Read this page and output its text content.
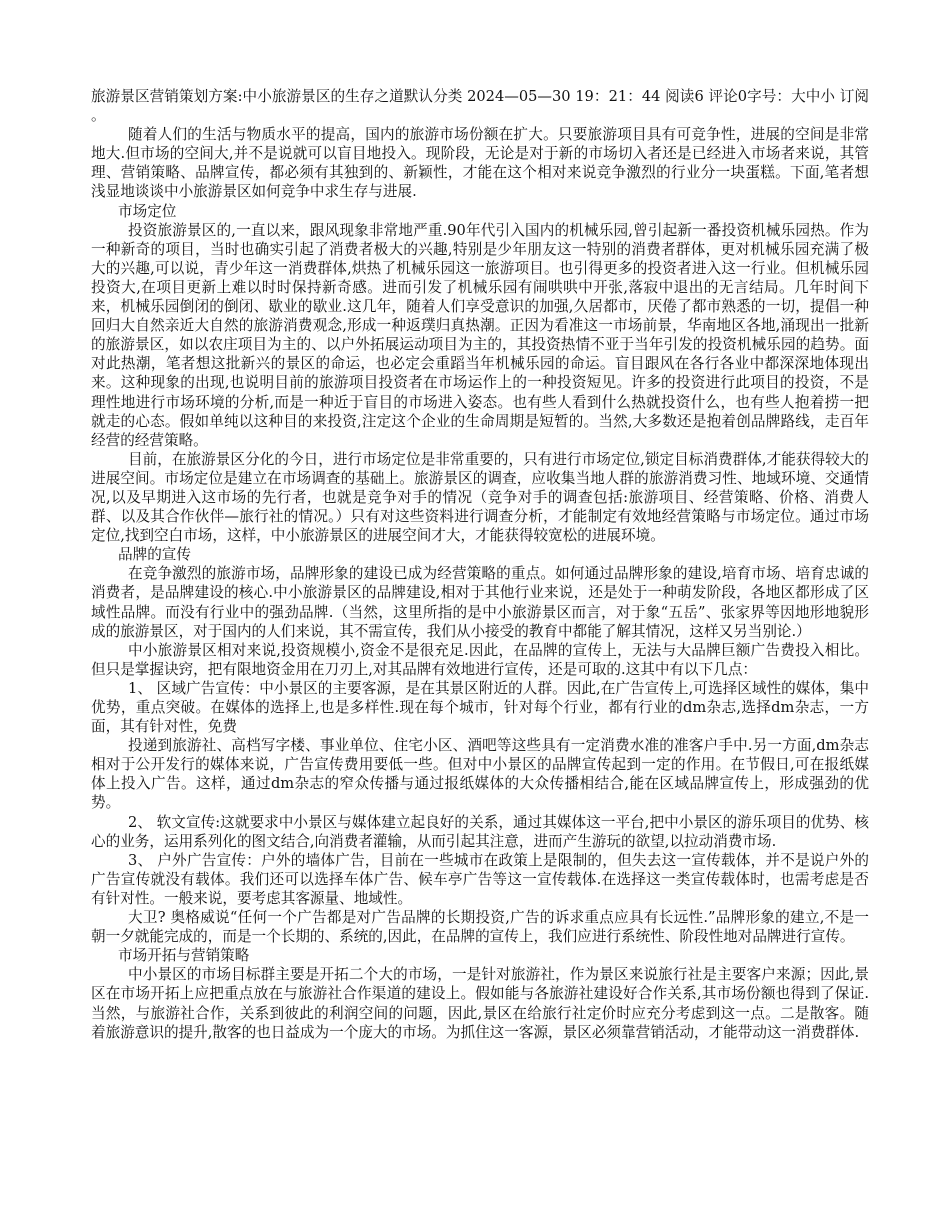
旅游景区营销策划方案:中小旅游景区的生存之道默认分类 2024—05—30 19：21：44 阅读6 评论0字号：大中小 订阅 。

随着人们的生活与物质水平的提高，国内的旅游市场份额在扩大。只要旅游项目具有可竞争性，进展的空间是非常地大.但市场的空间大,并不是说就可以盲目地投入。现阶段，无论是对于新的市场切入者还是已经进入市场者来说，其管理、营销策略、品牌宣传，都必须有其独到的、新颖性，才能在这个相对来说竞争激烈的行业分一块蛋糕。下面,笔者想浅显地谈谈中小旅游景区如何竞争中求生存与进展.

市场定位

投资旅游景区的,一直以来，跟风现象非常地严重.90年代引入国内的机械乐园,曾引起新一番投资机械乐园热。作为一种新奇的项目，当时也确实引起了消费者极大的兴趣,特别是少年朋友这一特别的消费者群体，更对机械乐园充满了极大的兴趣,可以说，青少年这一消费群体,烘热了机械乐园这一旅游项目。也引得更多的投资者进入这一行业。但机械乐园投资大,在项目更新上难以时时保持新奇感。进而引发了机械乐园有闹哄哄中开张,落寂中退出的无言结局。几年时间下来，机械乐园倒闭的倒闭、歇业的歇业.这几年，随着人们享受意识的加强,久居都市，厌倦了都市熟悉的一切，提倡一种回归大自然亲近大自然的旅游消费观念,形成一种返璞归真热潮。正因为看准这一市场前景，华南地区各地,涌现出一批新的旅游景区，如以农庄项目为主的、以户外拓展运动项目为主的，其投资热情不亚于当年引发的投资机械乐园的趋势。面对此热潮，笔者想这批新兴的景区的命运，也必定会重蹈当年机械乐园的命运。盲目跟风在各行各业中都深深地体现出来。这种现象的出现,也说明目前的旅游项目投资者在市场运作上的一种投资短见。许多的投资进行此项目的投资，不是理性地进行市场环境的分析,而是一种近于盲目的市场进入姿态。也有些人看到什么热就投资什么，也有些人抱着捞一把就走的心态。假如单纯以这种目的来投资,注定这个企业的生命周期是短暂的。当然,大多数还是抱着创品牌路线，走百年经营的经营策略。

目前，在旅游景区分化的今日，进行市场定位是非常重要的，只有进行市场定位,锁定目标消费群体,才能获得较大的进展空间。市场定位是建立在市场调查的基础上。旅游景区的调查，应收集当地人群的旅游消费习性、地域环境、交通情况,以及早期进入这市场的先行者，也就是竞争对手的情况（竞争对手的调查包括:旅游项目、经营策略、价格、消费人群、以及其合作伙伴—旅行社的情况。）只有对这些资料进行调查分析，才能制定有效地经营策略与市场定位。通过市场定位,找到空白市场，这样，中小旅游景区的进展空间才大，才能获得较宽松的进展环境。

品牌的宣传

在竞争激烈的旅游市场，品牌形象的建设已成为经营策略的重点。如何通过品牌形象的建设,培育市场、培育忠诚的消费者，是品牌建设的核心.中小旅游景区的品牌建设,相对于其他行业来说，还是处于一种萌发阶段，各地区都形成了区域性品牌。而没有行业中的强劲品牌.（当然，这里所指的是中小旅游景区而言，对于象“五岳”、张家界等因地形地貌形成的旅游景区，对于国内的人们来说，其不需宣传，我们从小接受的教育中都能了解其情况，这样又另当别论.）

中小旅游景区相对来说,投资规模小,资金不是很充足.因此，在品牌的宣传上，无法与大品牌巨额广告费投入相比。但只是掌握诀窍，把有限地资金用在刀刃上,对其品牌有效地进行宣传，还是可取的.这其中有以下几点：

1、 区域广告宣传：中小景区的主要客源，是在其景区附近的人群。因此,在广告宣传上,可选择区域性的媒体，集中优势，重点突破。在媒体的选择上,也是多样性.现在每个城市，针对每个行业，都有行业的dm杂志,选择dm杂志，一方面，其有针对性，免费

投递到旅游社、高档写字楼、事业单位、住宅小区、酒吧等这些具有一定消费水准的准客户手中.另一方面,dm杂志相对于公开发行的媒体来说，广告宣传费用要低一些。但对中小景区的品牌宣传起到一定的作用。在节假日,可在报纸媒体上投入广告。这样，通过dm杂志的窄众传播与通过报纸媒体的大众传播相结合,能在区域品牌宣传上，形成强劲的优势。

2、 软文宣传:这就要求中小景区与媒体建立起良好的关系，通过其媒体这一平台,把中小景区的游乐项目的优势、核心的业务，运用系列化的图文结合,向消费者灌输，从而引起其注意，进而产生游玩的欲望,以拉动消费市场.

3、 户外广告宣传：户外的墙体广告，目前在一些城市在政策上是限制的，但失去这一宣传载体，并不是说户外的广告宣传就没有载体。我们还可以选择车体广告、候车亭广告等这一宣传载体.在选择这一类宣传载体时，也需考虑是否有针对性。一般来说，要考虑其客源量、地域性。

大卫? 奥格威说“任何一个广告都是对广告品牌的长期投资,广告的诉求重点应具有长远性.”品牌形象的建立,不是一朝一夕就能完成的，而是一个长期的、系统的,因此，在品牌的宣传上，我们应进行系统性、阶段性地对品牌进行宣传。

市场开拓与营销策略

中小景区的市场目标群主要是开拓二个大的市场，一是针对旅游社，作为景区来说旅行社是主要客户来源；因此,景区在市场开拓上应把重点放在与旅游社合作渠道的建设上。假如能与各旅游社建设好合作关系,其市场份额也得到了保证.当然，与旅游社合作，关系到彼此的利润空间的问题，因此,景区在给旅行社定价时应充分考虑到这一点。二是散客。随着旅游意识的提升,散客的也日益成为一个庞大的市场。为抓住这一客源，景区必须靠营销活动，才能带动这一消费群体.
